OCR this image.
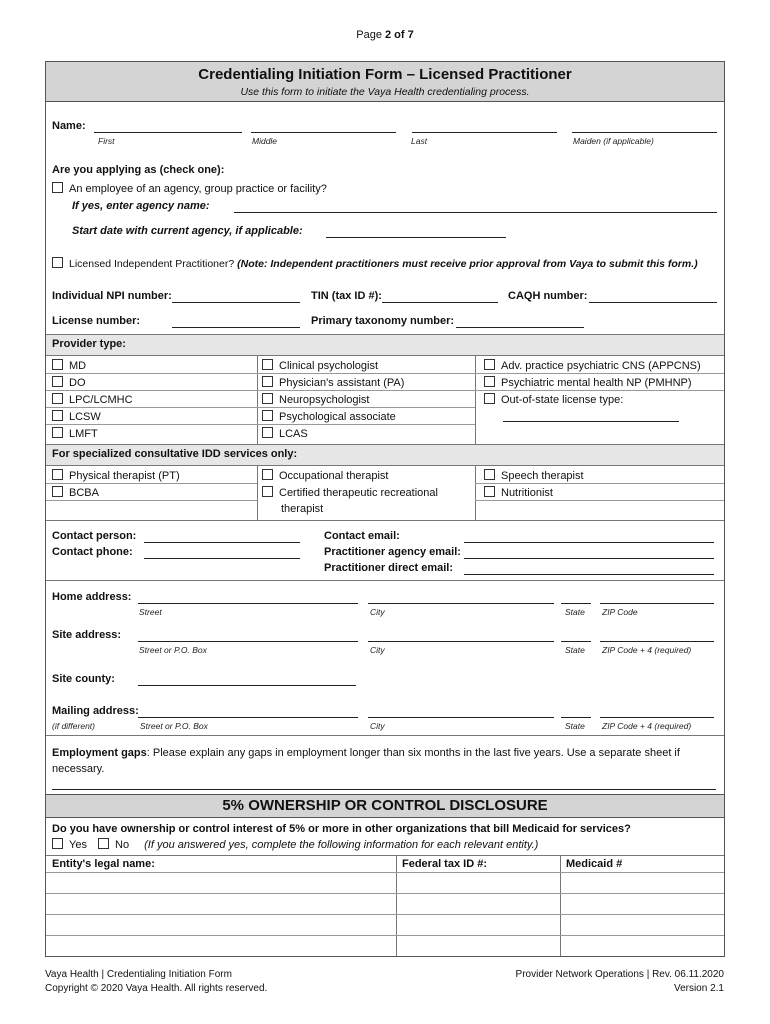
Page 2 of 7
Credentialing Initiation Form – Licensed Practitioner
Use this form to initiate the Vaya Health credentialing process.
Name:
First	Middle	Last	Maiden (if applicable)
Are you applying as (check one):
An employee of an agency, group practice or facility?
If yes, enter agency name:
Start date with current agency, if applicable:
Licensed Independent Practitioner? (Note: Independent practitioners must receive prior approval from Vaya to submit this form.)
Individual NPI number:	TIN (tax ID #):	CAQH number:
License number:	Primary taxonomy number:
Provider type:
MD
DO
LPC/LCMHC
LCSW
LMFT
Clinical psychologist
Physician's assistant (PA)
Neuropsychologist
Psychological associate
LCAS
Adv. practice psychiatric CNS (APPCNS)
Psychiatric mental health NP (PMHNP)
Out-of-state license type:
For specialized consultative IDD services only:
Physical therapist (PT)
BCBA
Occupational therapist
Certified therapeutic recreational
therapist
Speech therapist
Nutritionist
Contact person:
Contact phone:
Contact email:
Practitioner agency email:
Practitioner direct email:
Home address:
Street	City	State ZIP Code
Site address:
Street or P.O. Box	City	State ZIP Code + 4 (required)
Site county:
Mailing address:
(if different)	Street or P.O. Box	City	State ZIP Code + 4 (required)
Employment gaps: Please explain any gaps in employment longer than six months in the last five years. Use a separate sheet if necessary.
5% OWNERSHIP OR CONTROL DISCLOSURE
Do you have ownership or control interest of 5% or more in other organizations that bill Medicaid for services?
Yes	No (If you answered yes, complete the following information for each relevant entity.)
Entity's legal name:	Federal tax ID #:	Medicaid #
Vaya Health | Credentialing Initiation Form
Copyright © 2020 Vaya Health. All rights reserved.
Provider Network Operations | Rev. 06.11.2020
Version 2.1
